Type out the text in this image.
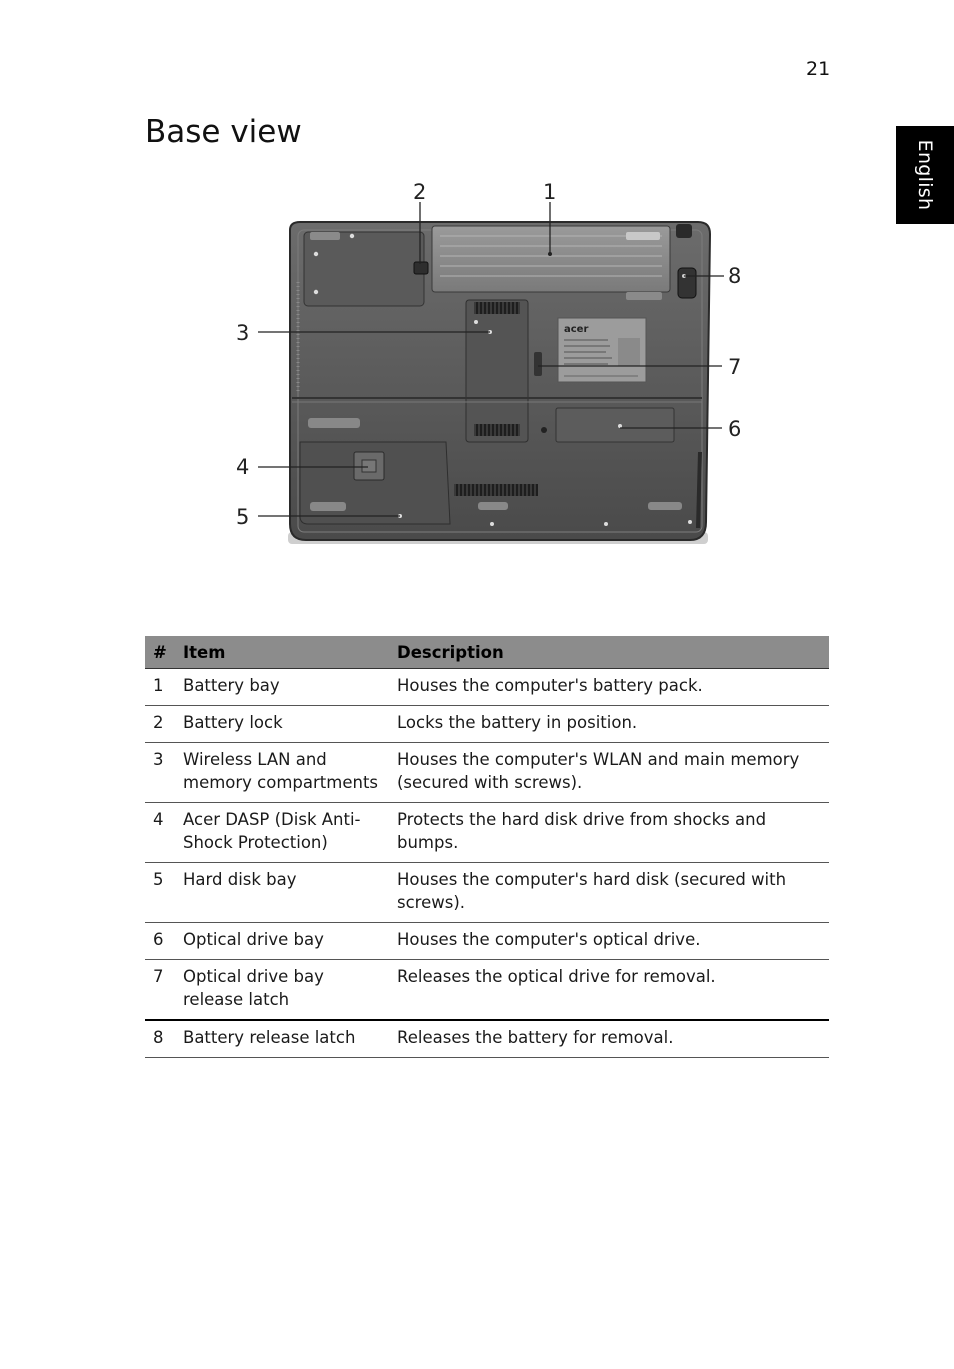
21
English
Base view
acer
1
2
3
4
5
6
7
8
#	Item	Description
1	Battery bay	Houses the computer's battery pack.
2	Battery lock	Locks the battery in position.
3	Wireless LAN and memory compartments	Houses the computer's WLAN and main memory (secured with screws).
4	Acer DASP (Disk Anti-Shock Protection)	Protects the hard disk drive from shocks and bumps.
5	Hard disk bay	Houses the computer's hard disk (secured with screws).
6	Optical drive bay	Houses the computer's optical drive.
7	Optical drive bay release latch	Releases the optical drive for removal.
8	Battery release latch	Releases the battery for removal.
